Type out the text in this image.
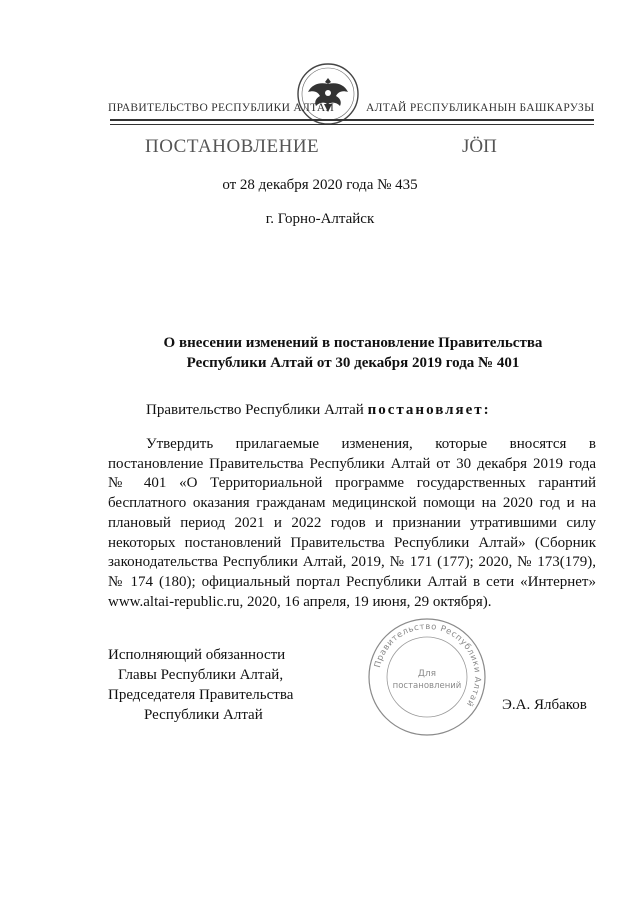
ПРАВИТЕЛЬСТВО РЕСПУБЛИКИ АЛТАЙ	АЛТАЙ РЕСПУБЛИКАНЫН БАШКАРУЗЫ
ПОСТАНОВЛЕНИЕ	JÖП
от 28 декабря 2020 года № 435
г. Горно-Алтайск
О внесении изменений в постановление Правительства
Республики Алтай от 30 декабря 2019 года № 401
Правительство Республики Алтай постановляет:
Утвердить прилагаемые изменения, которые вносятся в постановление Правительства Республики Алтай от 30 декабря 2019 года № 401 «О Территориальной программе государственных гарантий бесплатного оказания гражданам медицинской помощи на 2020 год и на плановый период 2021 и 2022 годов и признании утратившими силу некоторых постановлений Правительства Республики Алтай» (Сборник законодательства Республики Алтай, 2019, № 171 (177); 2020, № 173(179), № 174 (180); официальный портал Республики Алтай в сети «Интернет» www.altai-republic.ru, 2020, 16 апреля, 19 июня, 29 октября).
Исполняющий обязанности
Главы Республики Алтай,
Председателя Правительства
Республики Алтай
Э.А. Ялбаков
Правительство Республики Алтай
Для
постановлений
